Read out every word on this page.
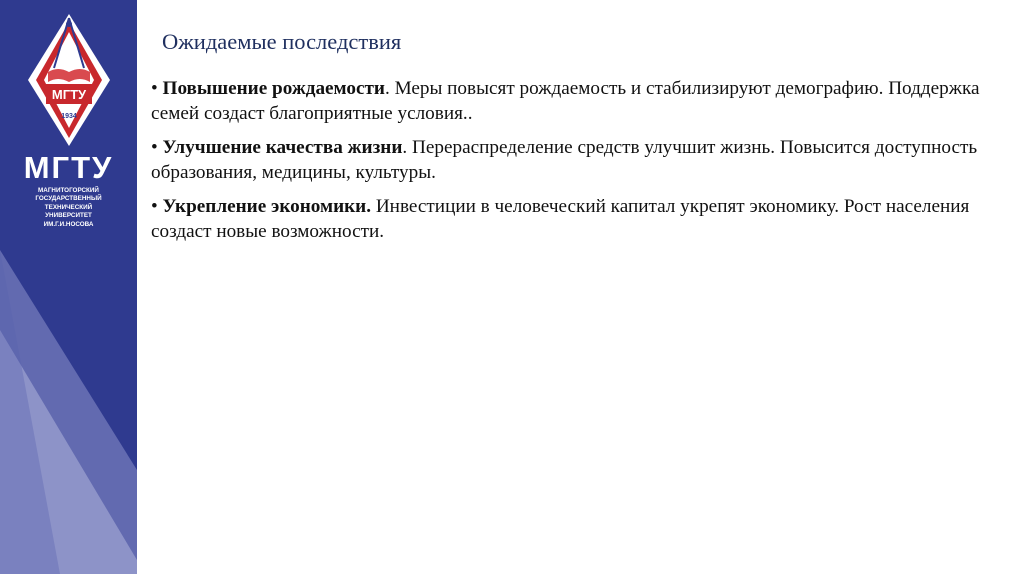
МГТУ
1934
МГТУ
МАГНИТОГОРСКИЙ
ГОСУДАРСТВЕННЫЙ
ТЕХНИЧЕСКИЙ
УНИВЕРСИТЕТ
ИМ.Г.И.НОСОВА
Ожидаемые последствия
• Повышение рождаемости. Меры повысят рождаемость и стабилизируют демографию. Поддержка семей создаст благоприятные условия..
• Улучшение качества жизни. Перераспределение средств улучшит жизнь. Повысится доступность образования, медицины, культуры.
• Укрепление экономики. Инвестиции в человеческий капитал укрепят экономику. Рост населения создаст новые возможности.
